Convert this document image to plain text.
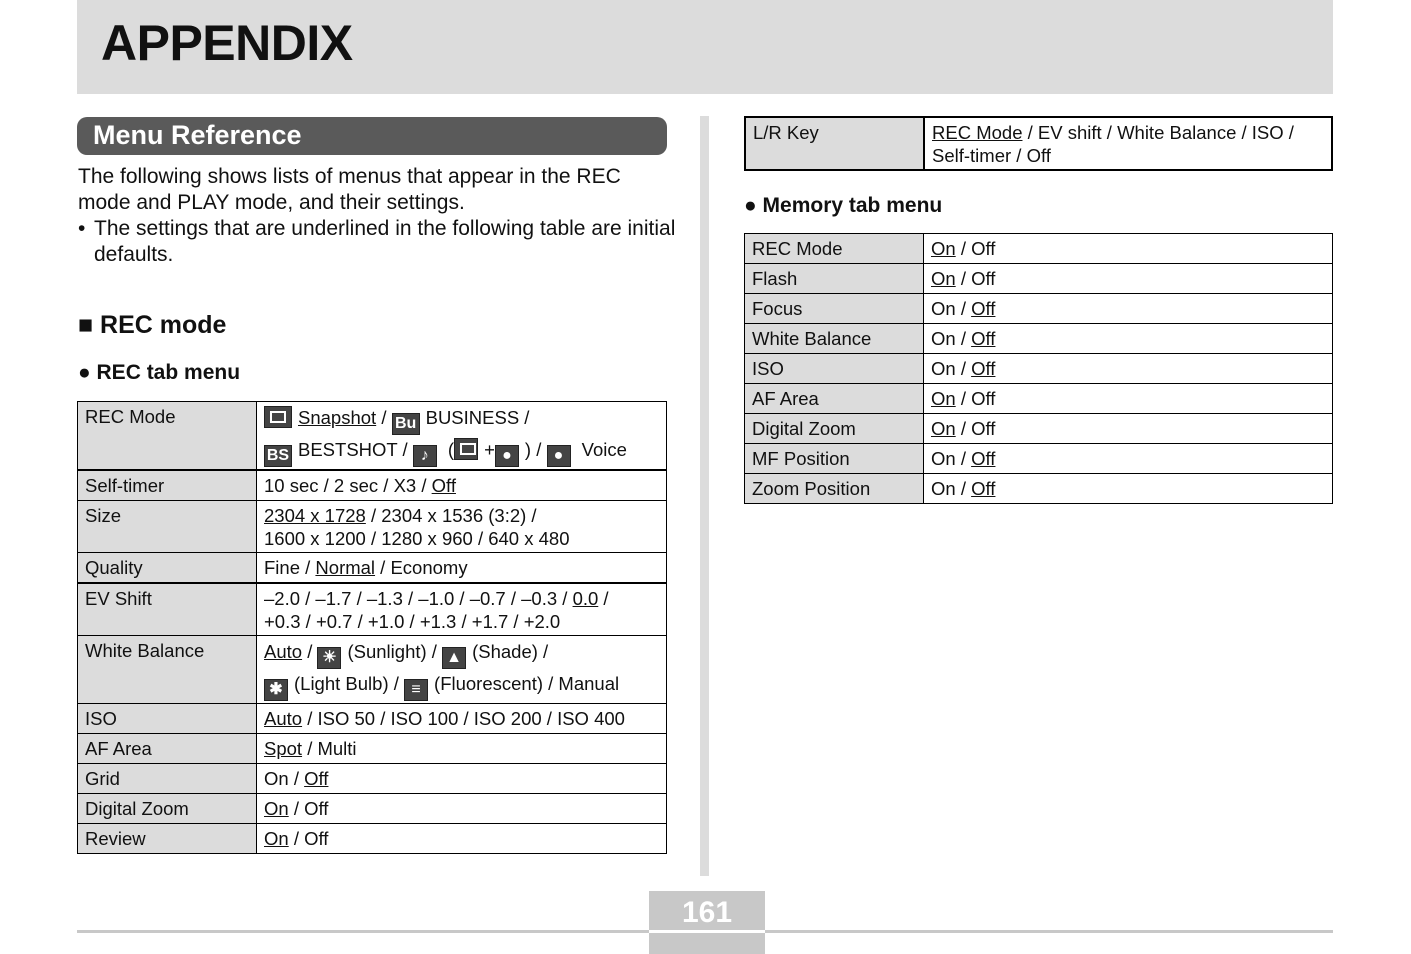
APPENDIX
Menu Reference

The following shows lists of menus that appear in the REC mode and PLAY mode, and their settings.

• The settings that are underlined in the following table are initial defaults.

■ REC mode
● REC tab menu
REC Mode	Snapshot / Bu BUSINESS /
BS BESTSHOT / ♪ ( + ● ) / ● Voice
Self-timer	10 sec / 2 sec / X3 / Off
Size	2304 x 1728 / 2304 x 1536 (3:2) /
1600 x 1200 / 1280 x 960 / 640 x 480
Quality	Fine / Normal / Economy
EV Shift	–2.0 / –1.7 / –1.3 / –1.0 / –0.7 / –0.3 / 0.0 /
+0.3 / +0.7 / +1.0 / +1.3 / +1.7 / +2.0
White Balance	Auto / ☀ (Sunlight) / ▲ (Shade) /
✱ (Light Bulb) / ≡ (Fluorescent) / Manual
ISO	Auto / ISO 50 / ISO 100 / ISO 200 / ISO 400
AF Area	Spot / Multi
Grid	On / Off
Digital Zoom	On / Off
Review	On / Off
L/R Key	REC Mode / EV shift / White Balance / ISO /
Self-timer / Off
● Memory tab menu
REC Mode	On / Off
Flash	On / Off
Focus	On / Off
White Balance	On / Off
ISO	On / Off
AF Area	On / Off
Digital Zoom	On / Off
MF Position	On / Off
Zoom Position	On / Off
161
